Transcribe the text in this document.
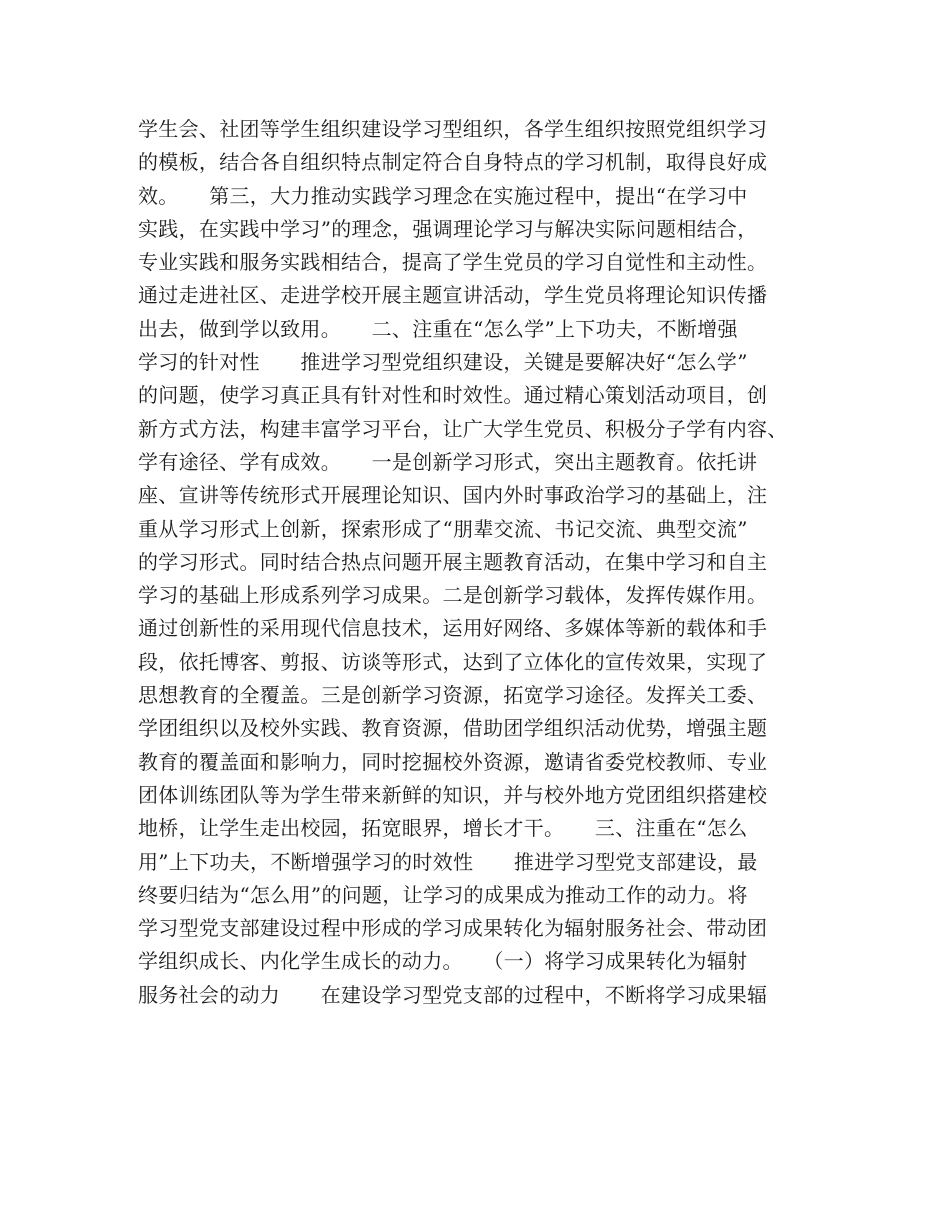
学生会、社团等学生组织建设学习型组织，各学生组织按照党组织学习
的模板，结合各自组织特点制定符合自身特点的学习机制，取得良好成
效。　　第三，大力推动实践学习理念在实施过程中，提出“在学习中
实践，在实践中学习”的理念，强调理论学习与解决实际问题相结合，
专业实践和服务实践相结合，提高了学生党员的学习自觉性和主动性。
通过走进社区、走进学校开展主题宣讲活动，学生党员将理论知识传播
出去，做到学以致用。　　二、注重在“怎么学”上下功夫，不断增强
学习的针对性　　推进学习型党组织建设，关键是要解决好“怎么学”
的问题，使学习真正具有针对性和时效性。通过精心策划活动项目，创
新方式方法，构建丰富学习平台，让广大学生党员、积极分子学有内容、
学有途径、学有成效。　　一是创新学习形式，突出主题教育。依托讲
座、宣讲等传统形式开展理论知识、国内外时事政治学习的基础上，注
重从学习形式上创新，探索形成了“朋辈交流、书记交流、典型交流”
的学习形式。同时结合热点问题开展主题教育活动，在集中学习和自主
学习的基础上形成系列学习成果。二是创新学习载体，发挥传媒作用。
通过创新性的采用现代信息技术，运用好网络、多媒体等新的载体和手
段，依托博客、剪报、访谈等形式，达到了立体化的宣传效果，实现了
思想教育的全覆盖。三是创新学习资源，拓宽学习途径。发挥关工委、
学团组织以及校外实践、教育资源，借助团学组织活动优势，增强主题
教育的覆盖面和影响力，同时挖掘校外资源，邀请省委党校教师、专业
团体训练团队等为学生带来新鲜的知识，并与校外地方党团组织搭建校
地桥，让学生走出校园，拓宽眼界，增长才干。　　三、注重在“怎么
用”上下功夫，不断增强学习的时效性　　推进学习型党支部建设，最
终要归结为“怎么用”的问题，让学习的成果成为推动工作的动力。将
学习型党支部建设过程中形成的学习成果转化为辐射服务社会、带动团
学组织成长、内化学生成长的动力。　　（一）将学习成果转化为辐射
服务社会的动力　　在建设学习型党支部的过程中，不断将学习成果辐
